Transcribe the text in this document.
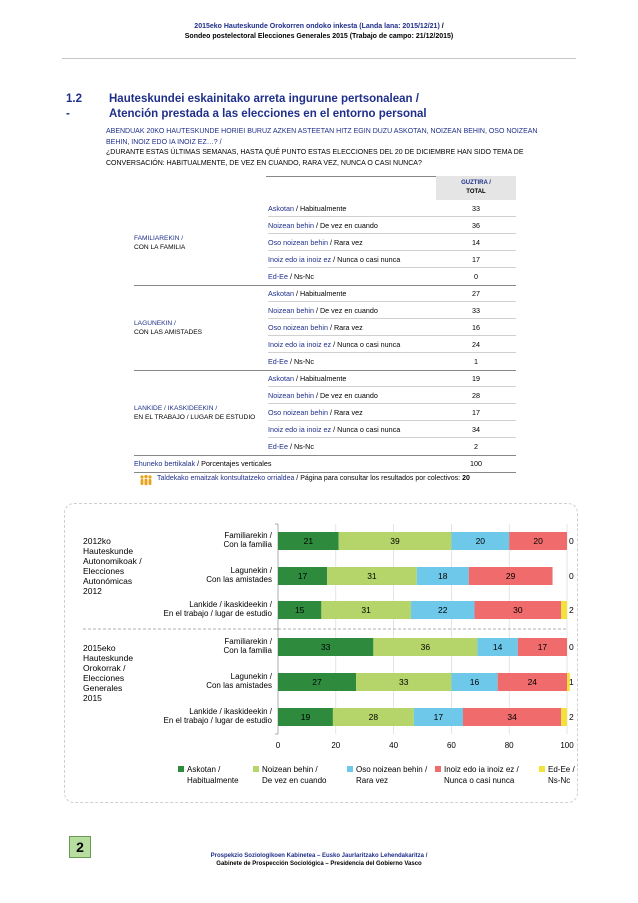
2015eko Hauteskunde Orokorren ondoko inkesta (Landa lana: 2015/12/21) /
Sondeo postelectoral Elecciones Generales 2015 (Trabajo de campo: 21/12/2015)
1.2 -
Hauteskundei eskainitako arreta ingurune pertsonalean /
Atención prestada a las elecciones en el entorno personal
ABENDUAK 20KO HAUTESKUNDE HORIEI BURUZ AZKEN ASTEETAN HITZ EGIN DUZU ASKOTAN, NOIZEAN BEHIN, OSO NOIZEAN BEHIN, INOIZ EDO IA INOIZ EZ…? /
¿DURANTE ESTAS ÚLTIMAS SEMANAS, HASTA QUÉ PUNTO ESTAS ELECCIONES DEL 20 DE DICIEMBRE HAN SIDO TEMA DE CONVERSACIÓN: HABITUALMENTE, DE VEZ EN CUANDO, RARA VEZ, NUNCA O CASI NUNCA?
GUZTIRA /
TOTAL
Askotan / Habitualmente	33
Noizean behin / De vez en cuando	36
Oso noizean behin / Rara vez	14
Inoiz edo ia inoiz ez / Nunca o casi nunca	17
Ed-Ee / Ns-Nc	0
FAMILIAREKIN /
CON LA FAMILIA
Askotan / Habitualmente	27
Noizean behin / De vez en cuando	33
Oso noizean behin / Rara vez	16
Inoiz edo ia inoiz ez / Nunca o casi nunca	24
Ed-Ee / Ns-Nc	1
LAGUNEKIN /
CON LAS AMISTADES
Askotan / Habitualmente	19
Noizean behin / De vez en cuando	28
Oso noizean behin / Rara vez	17
Inoiz edo ia inoiz ez / Nunca o casi nunca	34
Ed-Ee / Ns-Nc	2
LANKIDE / IKASKIDEEKIN /
EN EL TRABAJO / LUGAR DE ESTUDIO
Ehuneko bertikalak / Porcentajes verticales	100
Taldekako emaitzak kontsultatzeko orrialdea / Página para consultar los resultados por colectivos: 20
21	39	20	20	0
Familiarekin /
Con la familia
17	31	18	29	0
Lagunekin /
Con las amistades
15	31	22	30	2
Lankide / ikaskideekin /
En el trabajo / lugar de estudio
33	36	14	17	0
Familiarekin /
Con la familia
27	33	16	24	1
Lagunekin /
Con las amistades
19	28	17	34	2
Lankide / ikaskideekin /
En el trabajo / lugar de estudio
2012ko
Hauteskunde
Autonomikoak /
Elecciones
Autonómicas
2012
2015eko
Hauteskunde
Orokorrak /
Elecciones
Generales
2015
0	20	40	60	80	100
Askotan /
Habitualmente
Noizean behin /
De vez en cuando
Oso noizean behin /
Rara vez
Inoiz edo ia inoiz ez /
Nunca o casi nunca
Ed-Ee /
Ns-Nc
2
Prospekzio Soziologikoen Kabinetea – Eusko Jaurlaritzako Lehendakaritza /
Gabinete de Prospección Sociológica – Presidencia del Gobierno Vasco
